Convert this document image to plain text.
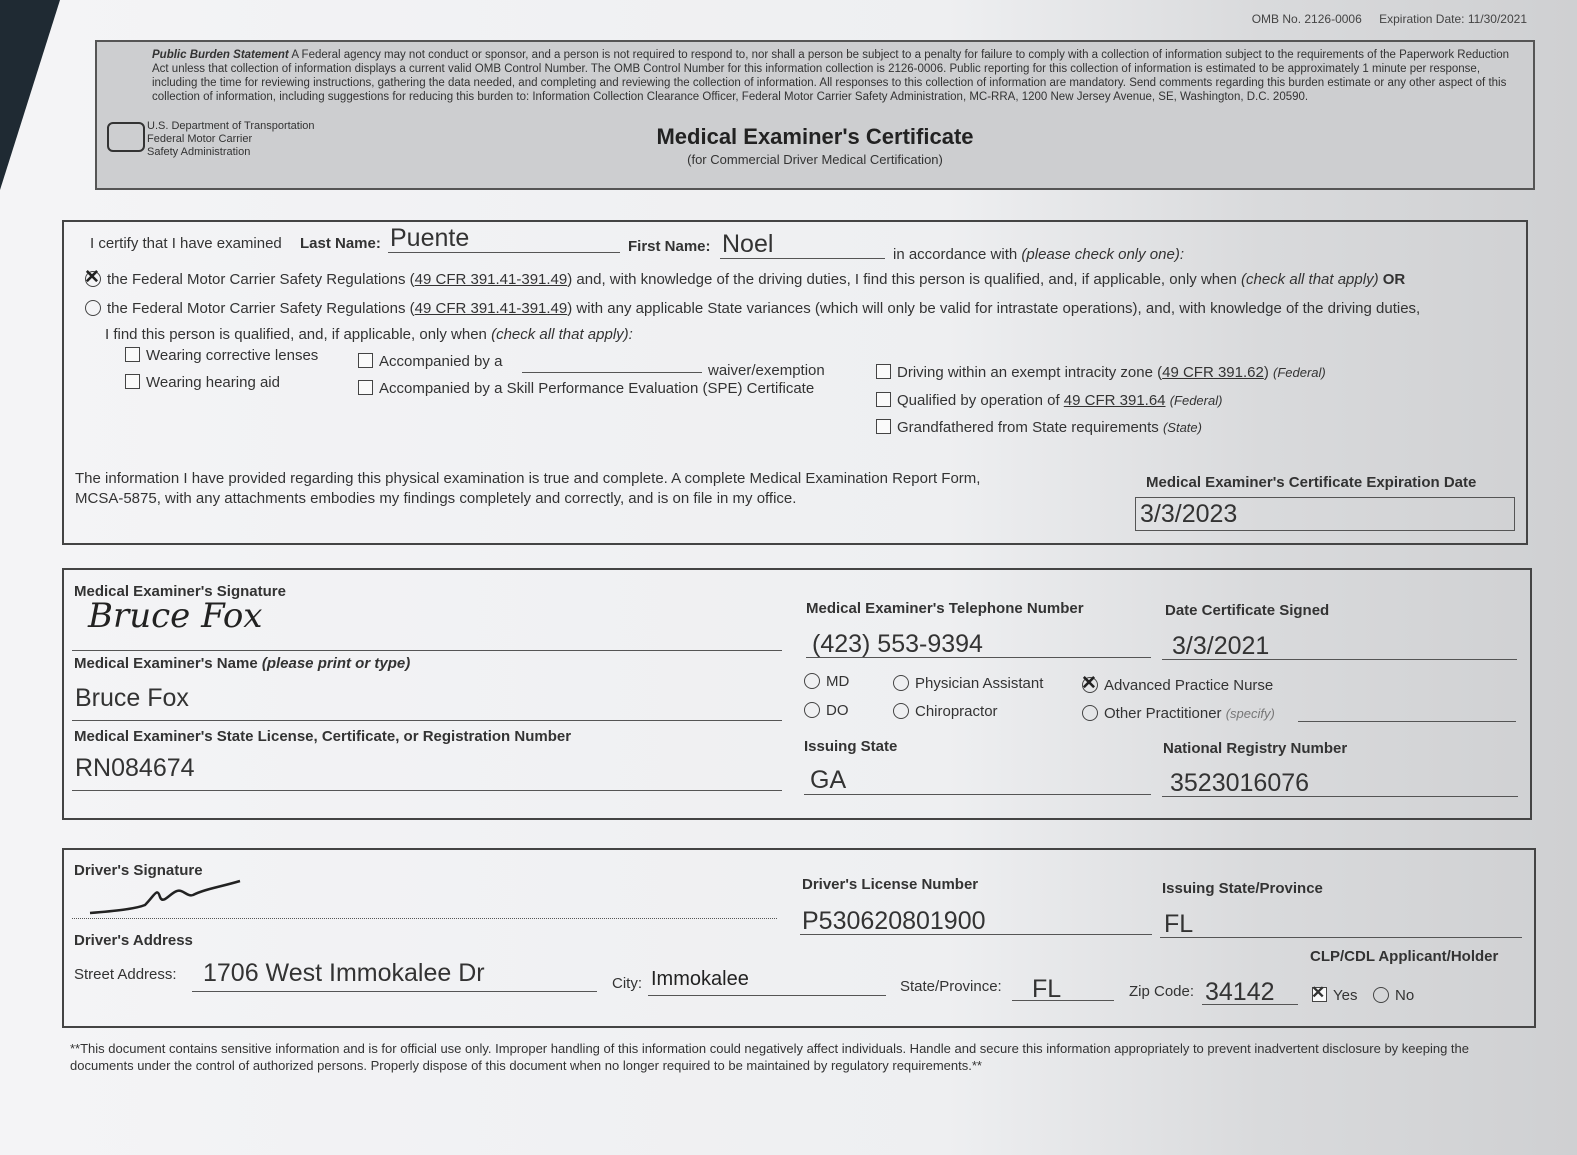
OMB No. 2126-0006 Expiration Date: 11/30/2021
Public Burden Statement A Federal agency may not conduct or sponsor, and a person is not required to respond to, nor shall a person be subject to a penalty for failure to comply with a collection of information subject to the requirements of the Paperwork Reduction Act unless that collection of information displays a current valid OMB Control Number. The OMB Control Number for this information collection is 2126-0006. Public reporting for this collection of information is estimated to be approximately 1 minute per response, including the time for reviewing instructions, gathering the data needed, and completing and reviewing the collection of information. All responses to this collection of information are mandatory. Send comments regarding this burden estimate or any other aspect of this collection of information, including suggestions for reducing this burden to: Information Collection Clearance Officer, Federal Motor Carrier Safety Administration, MC-RRA, 1200 New Jersey Avenue, SE, Washington, D.C. 20590.
U.S. Department of Transportation
Federal Motor Carrier
Safety Administration
Medical Examiner's Certificate
(for Commercial Driver Medical Certification)
I certify that I have examined Last Name: Puente	First Name: Noel	in accordance with (please check only one):
✕the Federal Motor Carrier Safety Regulations (49 CFR 391.41-391.49) and, with knowledge of the driving duties, I find this person is qualified, and, if applicable, only when (check all that apply) OR
the Federal Motor Carrier Safety Regulations (49 CFR 391.41-391.49) with any applicable State variances (which will only be valid for intrastate operations), and, with knowledge of the driving duties,
I find this person is qualified, and, if applicable, only when (check all that apply):
Wearing corrective lenses
Wearing hearing aid
Accompanied by a
waiver/exemption
Accompanied by a Skill Performance Evaluation (SPE) Certificate
Driving within an exempt intracity zone (49 CFR 391.62) (Federal)
Qualified by operation of 49 CFR 391.64 (Federal)
Grandfathered from State requirements (State)
The information I have provided regarding this physical examination is true and complete. A complete Medical Examination Report Form,
MCSA-5875, with any attachments embodies my findings completely and correctly, and is on file in my office.
Medical Examiner's Certificate Expiration Date
3/3/2023
Medical Examiner's Signature
Bruce Fox	Medical Examiner's Telephone Number
(423) 553-9394
Date Certificate Signed
3/3/2021
Medical Examiner's Name (please print or type)
Bruce Fox
MD	Physician Assistant
✕	Advanced Practice Nurse
DO	Chiropractor	Other Practitioner (specify)
Medical Examiner's State License, Certificate, or Registration Number
RN084674
Issuing State
GA
National Registry Number
3523016076
Driver's Signature
Driver's License Number
P530620801900
Issuing State/Province
FL
Driver's Address
CLP/CDL Applicant/Holder
Street Address: 1706 West Immokalee Dr	City: Immokalee	State/Province: FL	Zip Code: 34142 ✕ Yes	No
**This document contains sensitive information and is for official use only. Improper handling of this information could negatively affect individuals. Handle and secure this information appropriately to prevent inadvertent disclosure by keeping the documents under the control of authorized persons. Properly dispose of this document when no longer required to be maintained by regulatory requirements.**
